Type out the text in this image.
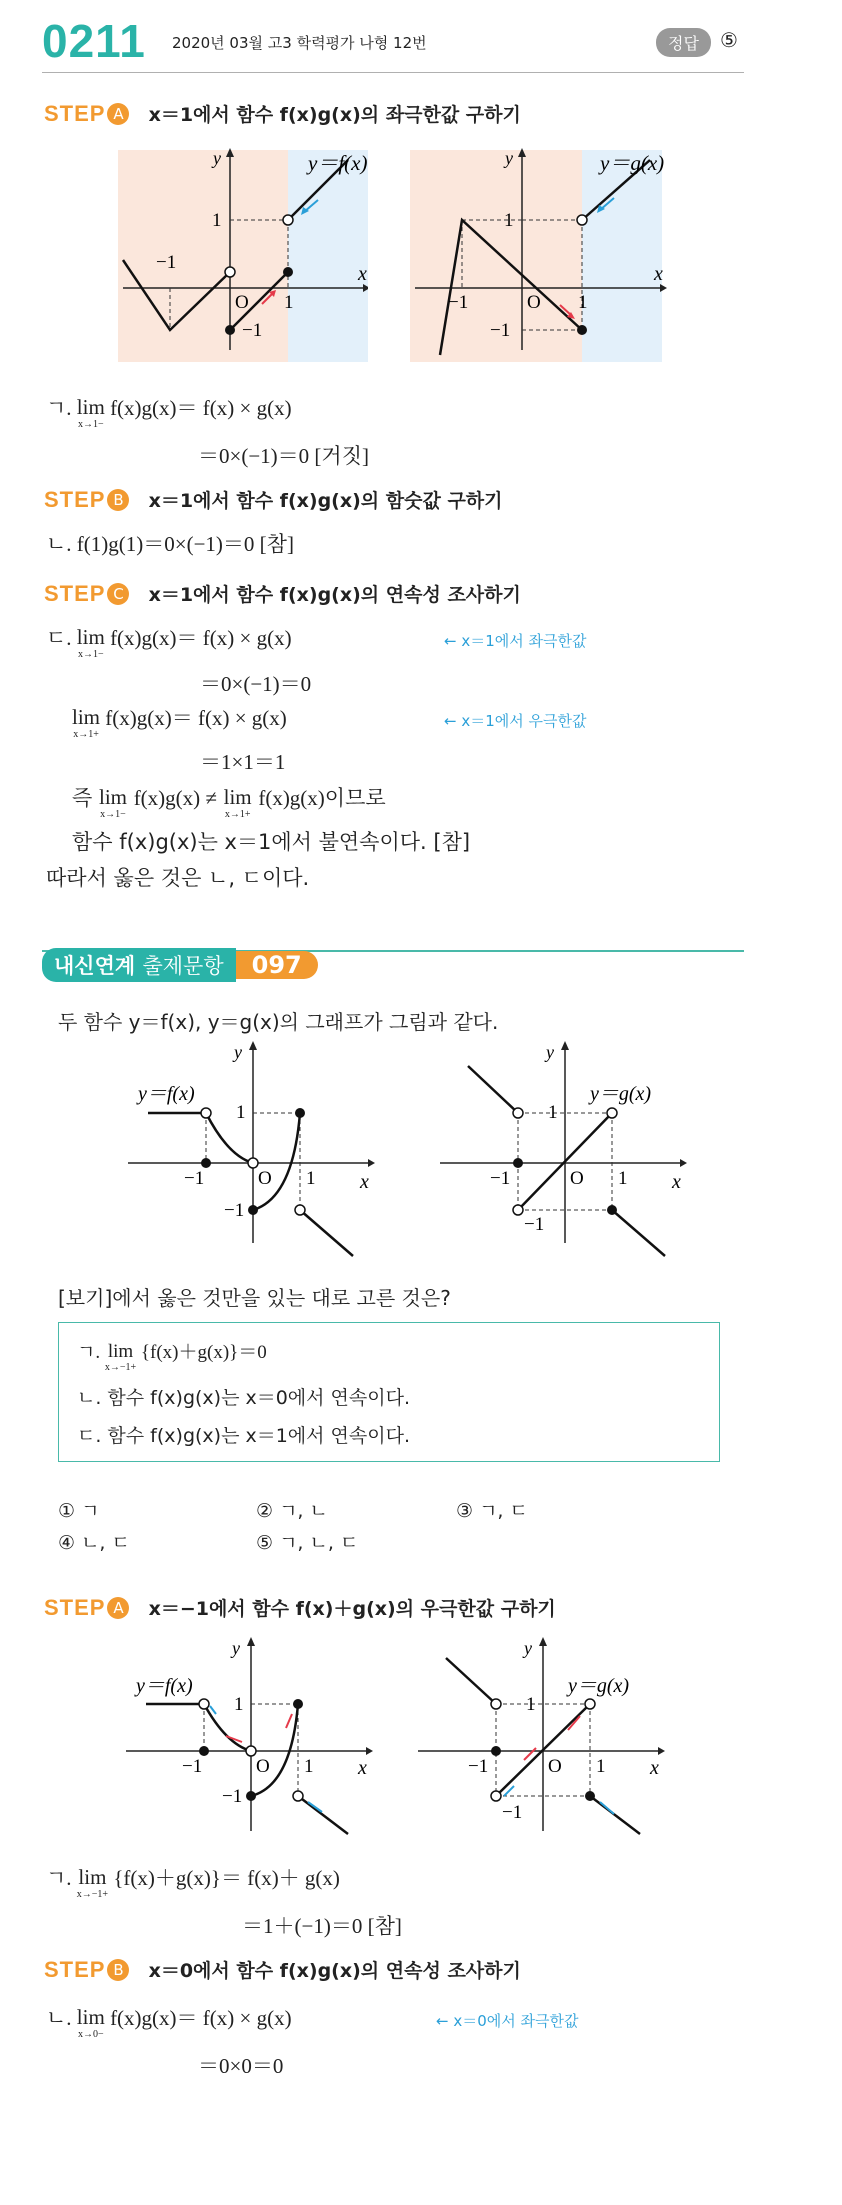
0211 2020년 03월 고3 학력평가 나형 12번	정답	⑤
STEP A x＝1에서 함수 f(x)g(x)의 좌극한값 구하기
y＝f(x)
x
y
O 1
1
−1
−1
y＝g(x)
x
y
O 1
1
−1
−1
ㄱ. lim
x→1−
f(x)g(x)＝ f(x) × g(x)
＝0×(−1)＝0 [거짓]
STEP B x＝1에서 함수 f(x)g(x)의 함숫값 구하기
ㄴ. f(1)g(1)＝0×(−1)＝0 [참]
STEP C x＝1에서 함수 f(x)g(x)의 연속성 조사하기
ㄷ. lim
x→1−
f(x)g(x)＝ f(x) × g(x)	← x＝1에서 좌극한값
＝0×(−1)＝0
lim
x→1+
f(x)g(x)＝ f(x) × g(x)	← x＝1에서 우극한값
＝1×1＝1
즉 lim
x→1−
f(x)g(x) ≠ lim
x→1+
f(x)g(x)이므로
함수 f(x)g(x)는 x＝1에서 불연속이다. [참]
따라서 옳은 것은 ㄴ, ㄷ이다.
내신연계 출제문항	097
두 함수 y＝f(x), y＝g(x)의 그래프가 그림과 같다.
y＝f(x)
x
y
O 1
1
−1
−1
y＝g(x)
x
y
O 1
1
−1
−1
[보기]에서 옳은 것만을 있는 대로 고른 것은?
ㄱ. lim
x→−1+
{f(x)＋g(x)}＝0
ㄴ. 함수 f(x)g(x)는 x＝0에서 연속이다.
ㄷ. 함수 f(x)g(x)는 x＝1에서 연속이다.
① ㄱ	② ㄱ, ㄴ	③ ㄱ, ㄷ
④ ㄴ, ㄷ	⑤ ㄱ, ㄴ, ㄷ
STEP A x＝−1에서 함수 f(x)＋g(x)의 우극한값 구하기
y＝f(x)
x
y
O 1
1
−1
−1
y＝g(x)
x
y
O 1
1
−1
−1
ㄱ. lim
x→−1+
{f(x)＋g(x)}＝ f(x)＋ g(x)
＝1＋(−1)＝0 [참]
STEP B x＝0에서 함수 f(x)g(x)의 연속성 조사하기
ㄴ. lim
x→0−
f(x)g(x)＝ f(x) × g(x)	← x＝0에서 좌극한값
＝0×0＝0
